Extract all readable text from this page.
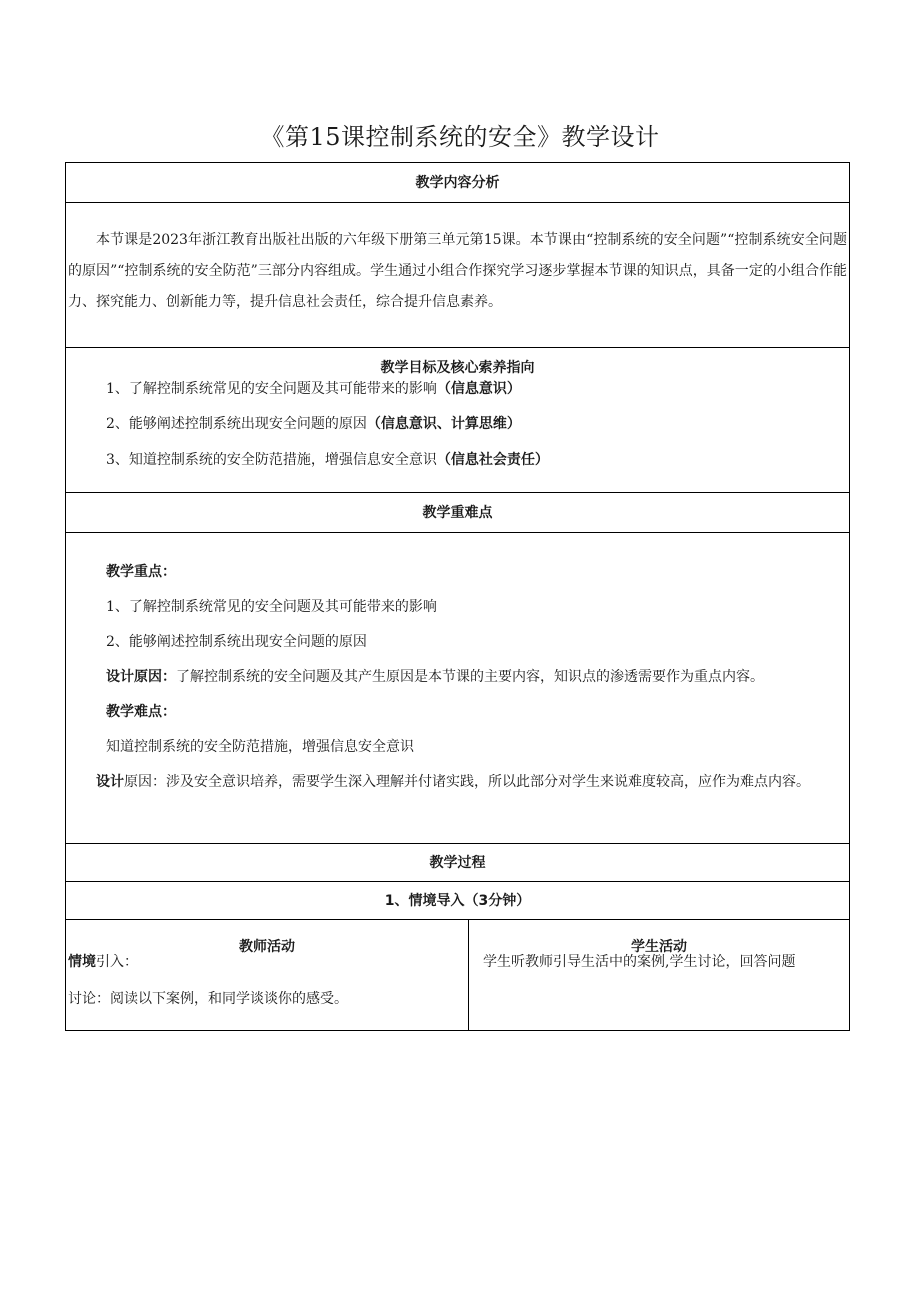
《第15课控制系统的安全》教学设计
教学内容分析
本节课是2023年浙江教育出版社出版的六年级下册第三单元第15课。本节课由“控制系统的安全问题”“控制系统安全问题的原因”“控制系统的安全防范”三部分内容组成。学生通过小组合作探究学习逐步掌握本节课的知识点，具备一定的小组合作能力、探究能力、创新能力等，提升信息社会责任，综合提升信息素养。
教学目标及核心索养指向
1、了解控制系统常见的安全问题及其可能带来的影响（信息意识）
2、能够阐述控制系统出现安全问题的原因（信息意识、计算思维）
3、知道控制系统的安全防范措施，增强信息安全意识（信息社会责任）
教学重难点
教学重点：
1、了解控制系统常见的安全问题及其可能带来的影响
2、能够阐述控制系统出现安全问题的原因
设计原因：了解控制系统的安全问题及其产生原因是本节课的主要内容，知识点的渗透需要作为重点内容。
教学难点：
知道控制系统的安全防范措施，增强信息安全意识
设计原因：涉及安全意识培养，需要学生深入理解并付诸实践，所以此部分对学生来说难度较高，应作为难点内容。
教学过程
1、情境导入（3分钟）
教师活动
情境引入：
讨论：阅读以下案例，和同学谈谈你的感受。
学生活动
学生听教师引导生活中的案例,学生讨论，回答问题
